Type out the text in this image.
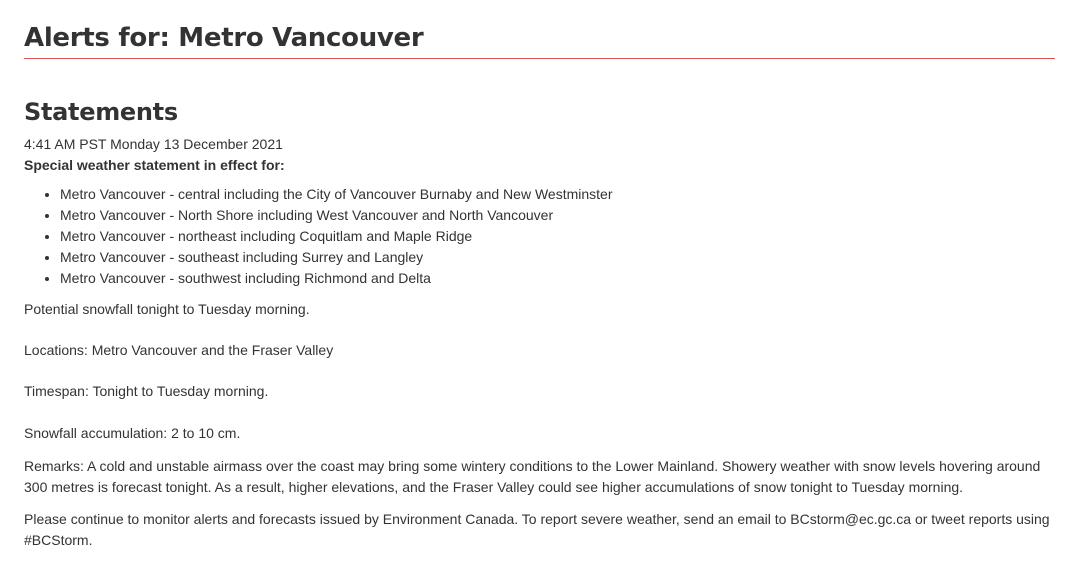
Alerts for: Metro Vancouver
Statements
4:41 AM PST Monday 13 December 2021
Special weather statement in effect for:
• Metro Vancouver - central including the City of Vancouver Burnaby and New Westminster
• Metro Vancouver - North Shore including West Vancouver and North Vancouver
• Metro Vancouver - northeast including Coquitlam and Maple Ridge
• Metro Vancouver - southeast including Surrey and Langley
• Metro Vancouver - southwest including Richmond and Delta

Potential snowfall tonight to Tuesday morning.

Locations: Metro Vancouver and the Fraser Valley

Timespan: Tonight to Tuesday morning.

Snowfall accumulation: 2 to 10 cm.

Remarks: A cold and unstable airmass over the coast may bring some wintery conditions to the Lower Mainland. Showery weather with snow levels hovering around 300 metres is forecast tonight. As a result, higher elevations, and the Fraser Valley could see higher accumulations of snow tonight to Tuesday morning.

Please continue to monitor alerts and forecasts issued by Environment Canada. To report severe weather, send an email to BCstorm@ec.gc.ca or tweet reports using #BCStorm.
